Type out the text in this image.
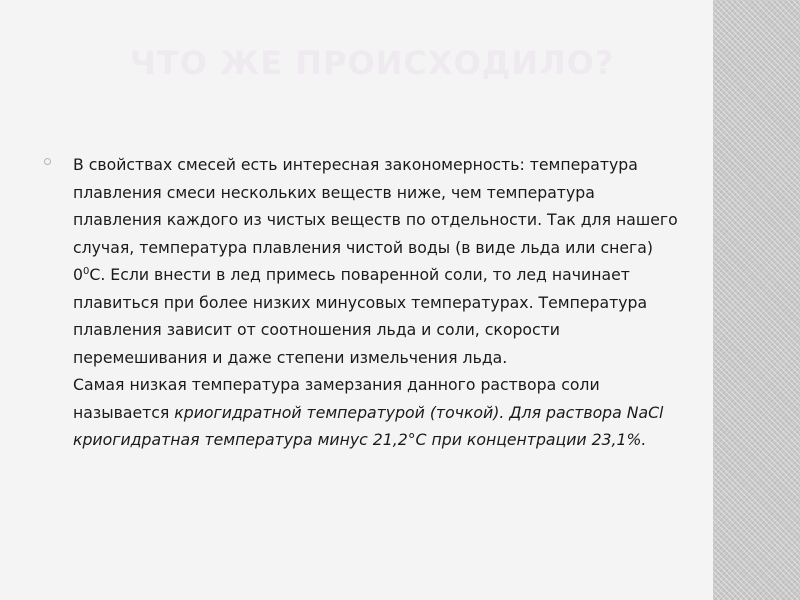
ЧТО ЖЕ ПРОИСХОДИЛО?

В свойствах смесей есть интересная закономерность: температура плавления смеси нескольких веществ ниже, чем температура плавления каждого из чистых веществ по отдельности. Так для нашего случая, температура плавления чистой воды (в виде льда или снега) $0^0С$. Если внести в лед примесь поваренной соли, то лед начинает плавиться при более низких минусовых температурах. Температура плавления зависит от соотношения льда и соли, скорости перемешивания и даже степени измельчения льда.

Самая низкая температура замерзания данного раствора соли называется криогидратной температурой (точкой). Для раствора NaCl криогидратная температура минус 21,2°С при концентрации 23,1%.
